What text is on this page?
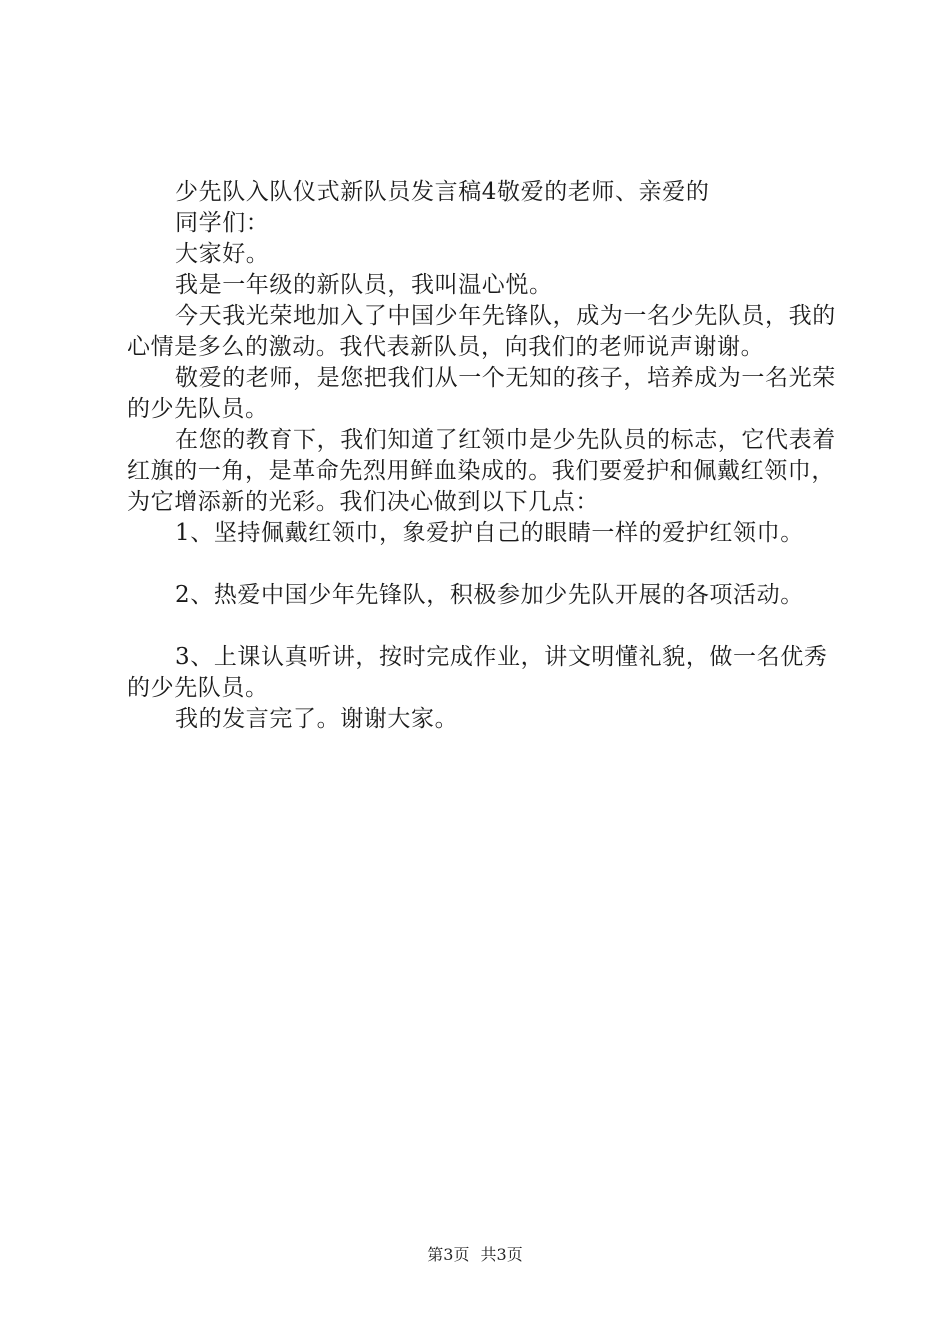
少先队入队仪式新队员发言稿4敬爱的老师、亲爱的

同学们：

大家好。

我是一年级的新队员，我叫温心悦。

今天我光荣地加入了中国少年先锋队，成为一名少先队员，我的心情是多么的激动。我代表新队员，向我们的老师说声谢谢。

敬爱的老师，是您把我们从一个无知的孩子，培养成为一名光荣的少先队员。

在您的教育下，我们知道了红领巾是少先队员的标志，它代表着红旗的一角，是革命先烈用鲜血染成的。我们要爱护和佩戴红领巾，为它增添新的光彩。我们决心做到以下几点：

1、坚持佩戴红领巾，象爱护自己的眼睛一样的爱护红领巾。

2、热爱中国少年先锋队，积极参加少先队开展的各项活动。

3、上课认真听讲，按时完成作业，讲文明懂礼貌，做一名优秀的少先队员。

我的发言完了。谢谢大家。

第3页 共3页
